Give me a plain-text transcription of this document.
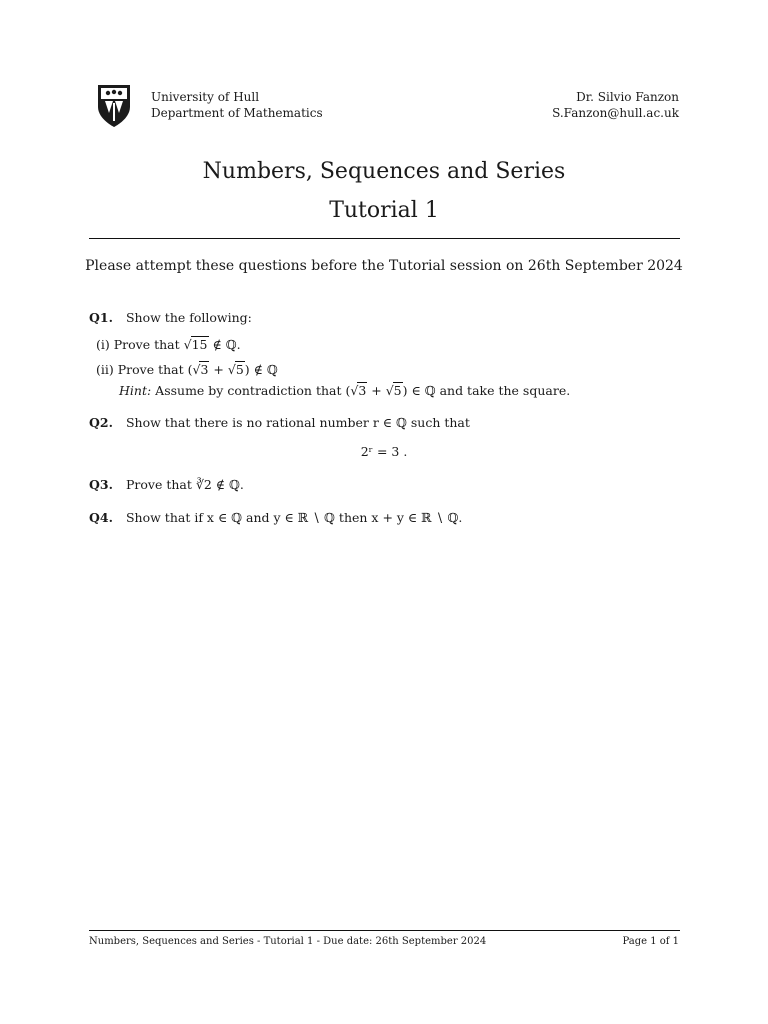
University of Hull
Department of Mathematics
Dr. Silvio Fanzon
S.Fanzon@hull.ac.uk
Numbers, Sequences and Series
Tutorial 1
Please attempt these questions before the Tutorial session on 26th September 2024
Q1. Show the following:
(i) Prove that √15 ∉ ℚ.
(ii) Prove that (√3 + √5) ∉ ℚ
Hint: Assume by contradiction that (√3 + √5) ∈ ℚ and take the square.
Q2. Show that there is no rational number r ∈ ℚ such that
2ʳ = 3 .
Q3. Prove that ∛2 ∉ ℚ.
Q4. Show that if x ∈ ℚ and y ∈ ℝ ∖ ℚ then x + y ∈ ℝ ∖ ℚ.
Numbers, Sequences and Series - Tutorial 1 - Due date: 26th September 2024	Page 1 of 1
